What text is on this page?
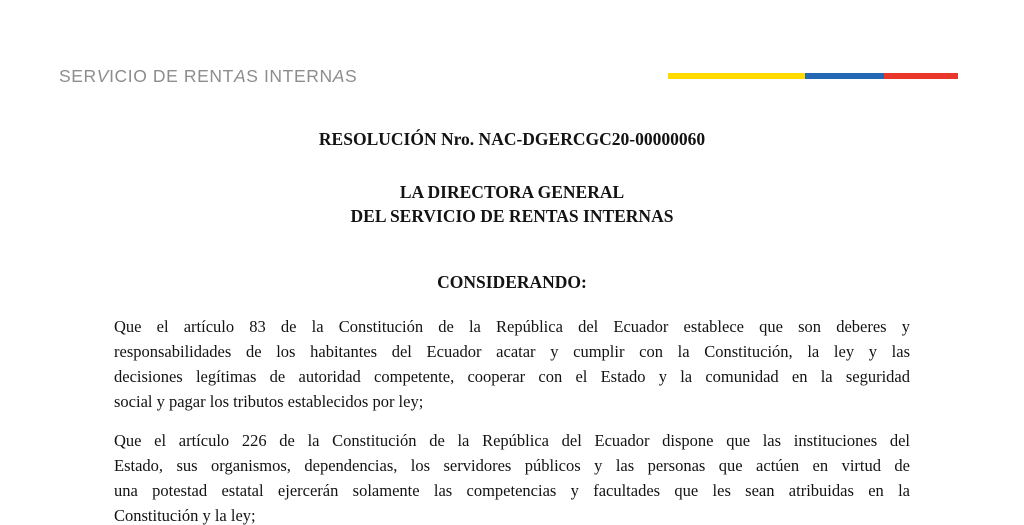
SERVICIO DE RENTAS INTERNAS
RESOLUCIÓN Nro. NAC-DGERCGC20-00000060
LA DIRECTORA GENERAL
DEL SERVICIO DE RENTAS INTERNAS
CONSIDERANDO:
Que el artículo 83 de la Constitución de la República del Ecuador establece que son deberes y
responsabilidades de los habitantes del Ecuador acatar y cumplir con la Constitución, la ley y las
decisiones legítimas de autoridad competente, cooperar con el Estado y la comunidad en la seguridad
social y pagar los tributos establecidos por ley;
Que el artículo 226 de la Constitución de la República del Ecuador dispone que las instituciones del
Estado, sus organismos, dependencias, los servidores públicos y las personas que actúen en virtud de
una potestad estatal ejercerán solamente las competencias y facultades que les sean atribuidas en la
Constitución y la ley;
